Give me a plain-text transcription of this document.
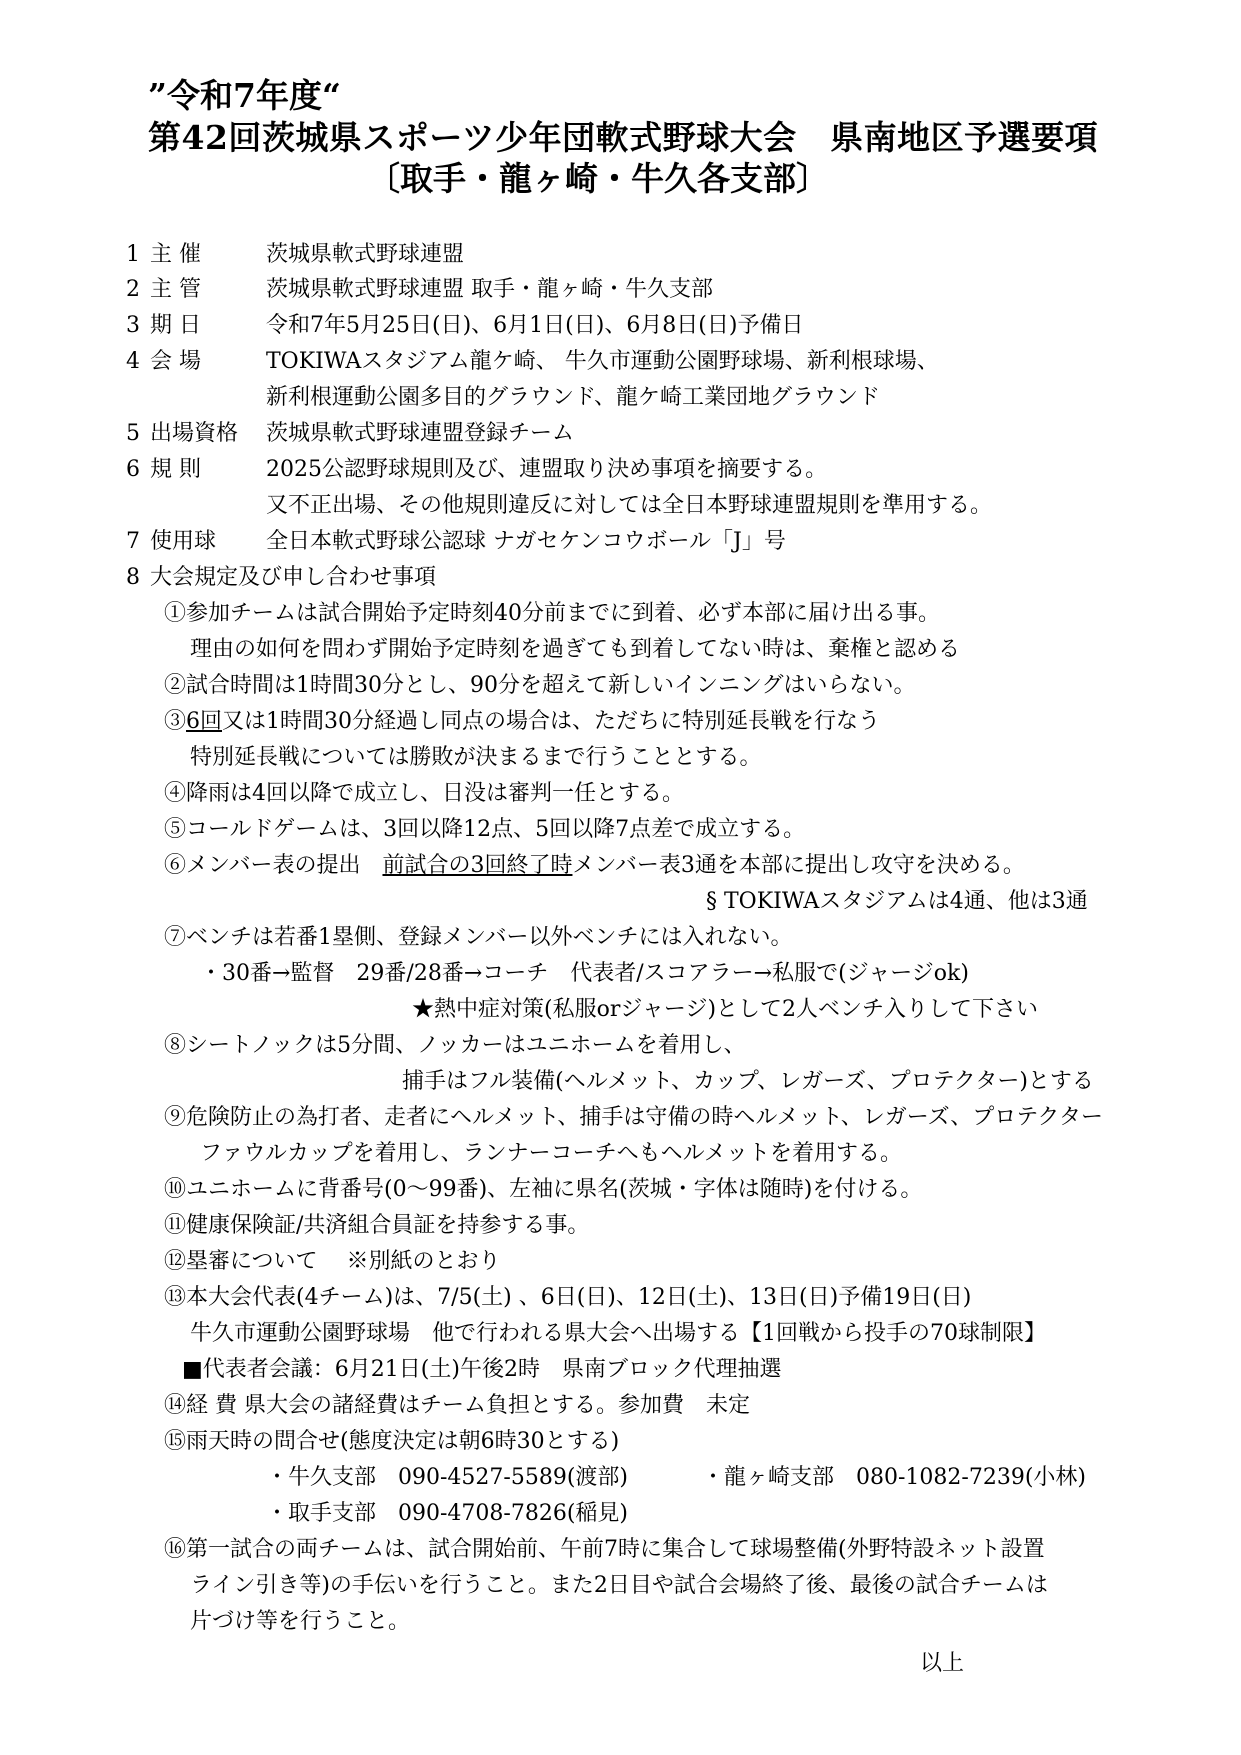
”令和7年度“
第42回茨城県スポーツ少年団軟式野球大会　県南地区予選要項
〔取手・龍ヶ崎・牛久各支部〕
1 主 催	茨城県軟式野球連盟
2 主 管	茨城県軟式野球連盟 取手・龍ヶ崎・牛久支部
3 期 日	令和7年5月25日(日)、6月1日(日)、6月8日(日)予備日
4 会 場	TOKIWAスタジアム龍ケ崎、 牛久市運動公園野球場、新利根球場、
新利根運動公園多目的グラウンド、龍ケ崎工業団地グラウンド
5 出場資格 茨城県軟式野球連盟登録チーム
6 規 則	2025公認野球規則及び、連盟取り決め事項を摘要する。
又不正出場、その他規則違反に対しては全日本野球連盟規則を準用する。
7 使用球 全日本軟式野球公認球 ナガセケンコウボール「J」号
8 大会規定及び申し合わせ事項
①参加チームは試合開始予定時刻40分前までに到着、必ず本部に届け出る事。
理由の如何を問わず開始予定時刻を過ぎても到着してない時は、棄権と認める
②試合時間は1時間30分とし、90分を超えて新しいインニングはいらない。
③6回又は1時間30分経過し同点の場合は、ただちに特別延長戦を行なう
特別延長戦については勝敗が決まるまで行うこととする。
④降雨は4回以降で成立し、日没は審判一任とする。
⑤コールドゲームは、3回以降12点、5回以降7点差で成立する。
⑥メンバー表の提出　前試合の3回終了時メンバー表3通を本部に提出し攻守を決める。
§ TOKIWAスタジアムは4通、他は3通
⑦ベンチは若番1塁側、登録メンバー以外ベンチには入れない。
・30番→監督　29番/28番→コーチ　代表者/スコアラー→私服で(ジャージok)
★熱中症対策(私服orジャージ)として2人ベンチ入りして下さい
⑧シートノックは5分間、ノッカーはユニホームを着用し、
捕手はフル装備(ヘルメット、カップ、レガーズ、プロテクター)とする
⑨危険防止の為打者、走者にヘルメット、捕手は守備の時ヘルメット、レガーズ、プロテクター
ファウルカップを着用し、ランナーコーチへもヘルメットを着用する。
⑩ユニホームに背番号(0～99番)、左袖に県名(茨城・字体は随時)を付ける。
⑪健康保険証/共済組合員証を持参する事。
⑫塁審について　 ※別紙のとおり
⑬本大会代表(4チーム)は、7/5(土) 、6日(日)、12日(土)、13日(日)予備19日(日)
牛久市運動公園野球場　他で行われる県大会へ出場する【1回戦から投手の70球制限】
■代表者会議：6月21日(土)午後2時　県南ブロック代理抽選
⑭経 費 県大会の諸経費はチーム負担とする。参加費　未定
⑮雨天時の問合せ(態度決定は朝6時30とする)
・牛久支部　090-4527-5589(渡部)	・龍ヶ崎支部　080-1082-7239(小林)
・取手支部　090-4708-7826(稲見)
⑯第一試合の両チームは、試合開始前、午前7時に集合して球場整備(外野特設ネット設置
ライン引き等)の手伝いを行うこと。また2日目や試合会場終了後、最後の試合チームは
片づけ等を行うこと。
以上
